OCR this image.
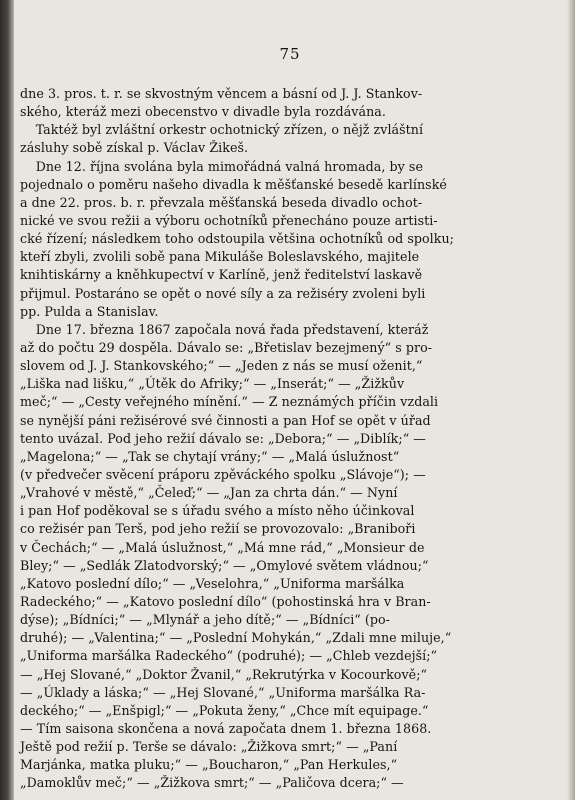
75
dne 3. pros. t. r. se skvostným věncem a básní od J. J. Stankov-
ského, kteráž mezi obecenstvo v divadle byla rozdávána.
Taktéž byl zvláštní orkestr ochotnický zřízen, o nějž zvláštní
zásluhy sobě získal p. Václav Žikeš.
Dne 12. října svolána byla mimořádná valná hromada, by se
pojednalo o poměru našeho divadla k měšťanské besedě karlínské
a dne 22. pros. b. r. převzala měšťanská beseda divadlo ochot-
nické ve svou režii a výboru ochotníků přenecháno pouze artisti-
cké řízení; následkem toho odstoupila většina ochotníků od spolku;
kteří zbyli, zvolili sobě pana Mikuláše Boleslavského, majitele
knihtiskárny a kněhkupectví v Karlíně, jenž ředitelství laskavě
přijmul. Postaráno se opět o nové síly a za režiséry zvoleni byli
pp. Pulda a Stanislav.
Dne 17. března 1867 započala nová řada představení, kteráž
až do počtu 29 dospěla. Dávalo se: „Břetislav bezejmený“ s pro-
slovem od J. J. Stankovského;“ — „Jeden z nás se musí oženit,“
„Liška nad lišku,“ „Útěk do Afriky;“ — „Inserát;“ — „Žižkův
meč;“ — „Cesty veřejného mínění.“ — Z neznámých příčin vzdali
se nynější páni režisérové své činnosti a pan Hof se opět v úřad
tento uvázal. Pod jeho režií dávalo se: „Debora;“ — „Diblík;“ —
„Magelona;“ — „Tak se chytají vrány;“ — „Malá úslužnost“
(v předvečer svěcení práporu zpěváckého spolku „Slávoje“); —
„Vrahové v městě,“ „Čeleď;“ — „Jan za chrta dán.“ — Nyní
i pan Hof poděkoval se s úřadu svého a místo něho účinkoval
co režisér pan Terš, pod jeho režií se provozovalo: „Braniboři
v Čechách;“ — „Malá úslužnost,“ „Má mne rád,“ „Monsieur de
Bley;“ — „Sedlák Zlatodvorský;“ — „Omylové světem vládnou;“
„Katovo poslední dílo;“ — „Veselohra,“ „Uniforma maršálka
Radeckého;“ — „Katovo poslední dílo“ (pohostinská hra v Bran-
dýse); „Bídníci;“ — „Mlynář a jeho dítě;“ — „Bídníci“ (po-
druhé); — „Valentina;“ — „Poslední Mohykán,“ „Zdali mne miluje,“
„Uniforma maršálka Radeckého“ (podruhé); — „Chleb vezdejší;“
— „Hej Slované,“ „Doktor Žvanil,“ „Rekrutýrka v Kocourkově;“
— „Úklady a láska;“ — „Hej Slované,“ „Uniforma maršálka Ra-
deckého;“ — „Enšpigl;“ — „Pokuta ženy,“ „Chce mít equipage.“
— Tím saisona skončena a nová započata dnem 1. března 1868.
Ještě pod režií p. Terše se dávalo: „Žižkova smrt;“ — „Paní
Marjánka, matka pluku;“ — „Boucharon,“ „Pan Herkules,“
„Damoklův meč;“ — „Žižkova smrt;“ — „Paličova dcera;“ —
